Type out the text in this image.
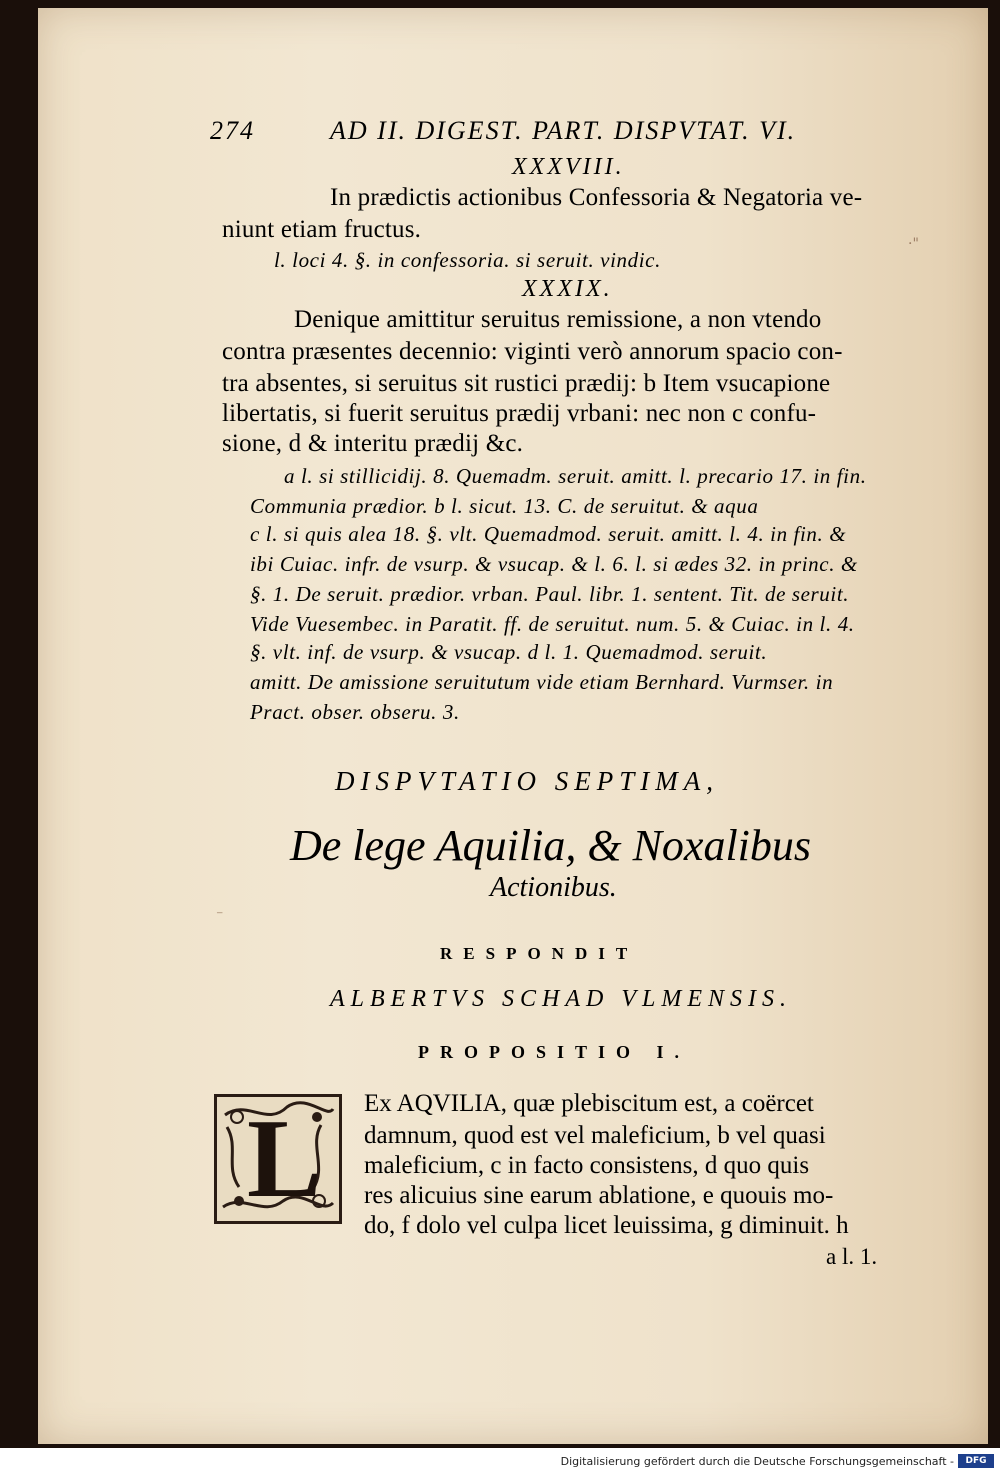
·"
⁻
274	AD II. DIGEST. PART. DISPVTAT. VI.
XXXVIII.
In prædictis actionibus Confessoria & Negatoria ve-
niunt etiam fructus.
l. loci 4. §. in confessoria. si seruit. vindic.
XXXIX.
Denique amittitur seruitus remissione, a non vtendo
contra præsentes decennio: viginti verò annorum spacio con-
tra absentes, si seruitus sit rustici prædij: b Item vsucapione
libertatis, si fuerit seruitus prædij vrbani: nec non c confu-
sione, d & interitu prædij &c.
a l. si stillicidij. 8. Quemadm. seruit. amitt. l. precario 17. in fin.
Communia prædior. b l. sicut. 13. C. de seruitut. & aqua
c l. si quis alea 18. §. vlt. Quemadmod. seruit. amitt. l. 4. in fin. &
ibi Cuiac. infr. de vsurp. & vsucap. & l. 6. l. si ædes 32. in princ. &
§. 1. De seruit. prædior. vrban. Paul. libr. 1. sentent. Tit. de seruit.
Vide Vuesembec. in Paratit. ff. de seruitut. num. 5. & Cuiac. in l. 4.
§. vlt. inf. de vsurp. & vsucap. d l. 1. Quemadmod. seruit.
amitt. De amissione seruitutum vide etiam Bernhard. Vurmser. in
Pract. obser. obseru. 3.
DISPVTATIO SEPTIMA,
De lege Aquilia, & Noxalibus
Actionibus.
RESPONDIT
ALBERTVS SCHAD VLMENSIS.
PROPOSITIO I.
L Ex AQVILIA, quæ plebiscitum est, a coërcet
damnum, quod est vel maleficium, b vel quasi
maleficium, c in facto consistens, d quo quis
res alicuius sine earum ablatione, e quouis mo-
do, f dolo vel culpa licet leuissima, g diminuit. h
a l. 1.
Digitalisierung gefördert durch die Deutsche Forschungsgemeinschaft -	DFG
